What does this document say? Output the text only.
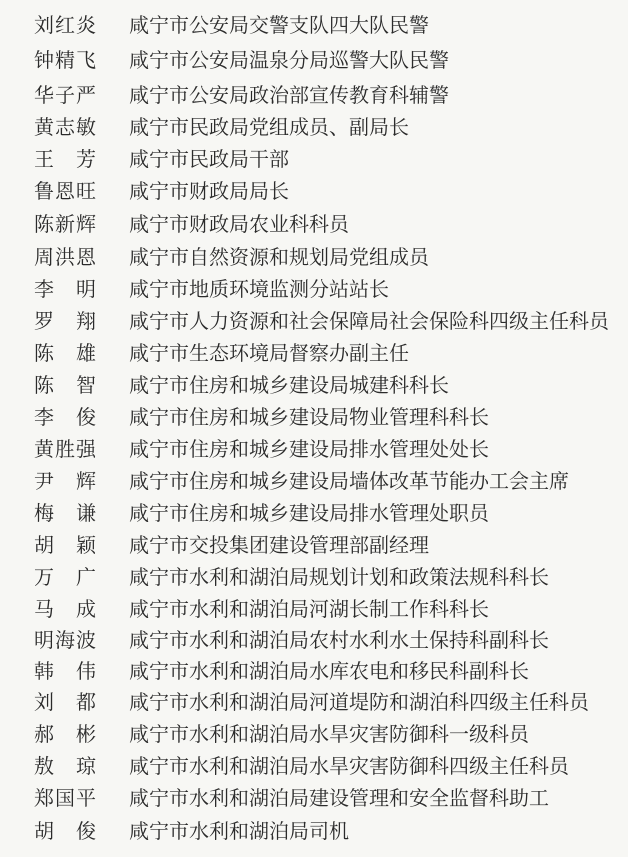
刘红炎	咸宁市公安局交警支队四大队民警
钟精飞	咸宁市公安局温泉分局巡警大队民警
华子严	咸宁市公安局政治部宣传教育科辅警
黄志敏	咸宁市民政局党组成员、副局长
王　芳	咸宁市民政局干部
鲁恩旺	咸宁市财政局局长
陈新辉	咸宁市财政局农业科科员
周洪恩	咸宁市自然资源和规划局党组成员
李　明	咸宁市地质环境监测分站站长
罗　翔	咸宁市人力资源和社会保障局社会保险科四级主任科员
陈　雄	咸宁市生态环境局督察办副主任
陈　智	咸宁市住房和城乡建设局城建科科长
李　俊	咸宁市住房和城乡建设局物业管理科科长
黄胜强	咸宁市住房和城乡建设局排水管理处处长
尹　辉	咸宁市住房和城乡建设局墙体改革节能办工会主席
梅　谦	咸宁市住房和城乡建设局排水管理处职员
胡　颖	咸宁市交投集团建设管理部副经理
万　广	咸宁市水利和湖泊局规划计划和政策法规科科长
马　成	咸宁市水利和湖泊局河湖长制工作科科长
明海波	咸宁市水利和湖泊局农村水利水土保持科副科长
韩　伟	咸宁市水利和湖泊局水库农电和移民科副科长
刘　都	咸宁市水利和湖泊局河道堤防和湖泊科四级主任科员
郝　彬	咸宁市水利和湖泊局水旱灾害防御科一级科员
敖　琼	咸宁市水利和湖泊局水旱灾害防御科四级主任科员
郑国平	咸宁市水利和湖泊局建设管理和安全监督科助工
胡　俊	咸宁市水利和湖泊局司机
